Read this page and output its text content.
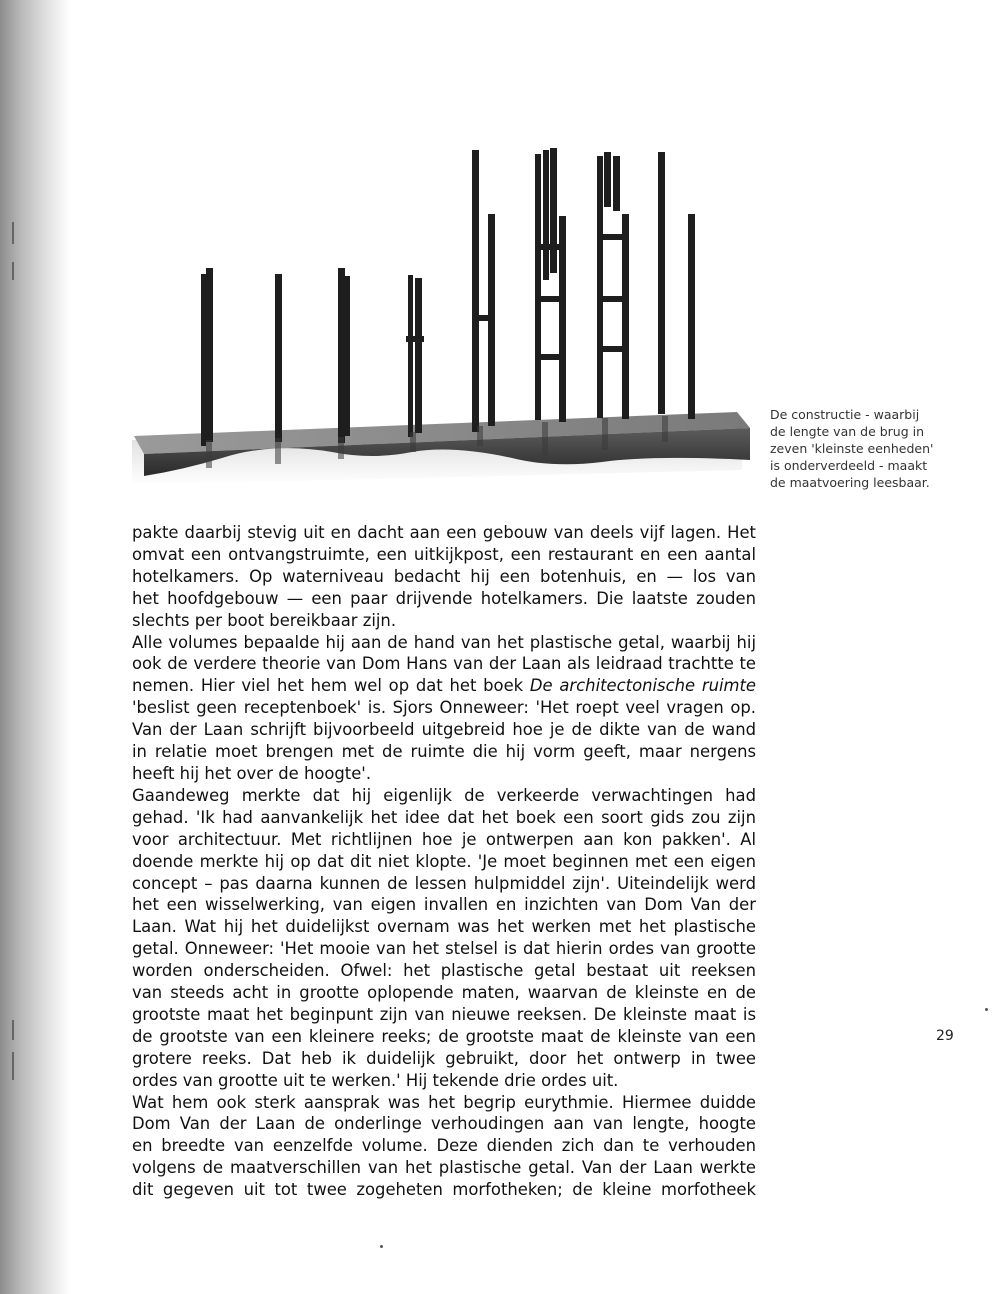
De constructie - waarbij
de lengte van de brug in
zeven 'kleinste eenheden'
is onderverdeeld - maakt
de maatvoering leesbaar.
pakte daarbij stevig uit en dacht aan een gebouw van deels vijf lagen. Het
omvat een ontvangstruimte, een uitkijkpost, een restaurant en een aantal
hotelkamers. Op waterniveau bedacht hij een botenhuis, en — los van
het hoofdgebouw — een paar drijvende hotelkamers. Die laatste zouden
slechts per boot bereikbaar zijn.
Alle volumes bepaalde hij aan de hand van het plastische getal, waarbij hij
ook de verdere theorie van Dom Hans van der Laan als leidraad trachtte te
nemen. Hier viel het hem wel op dat het boek De architectonische ruimte
'beslist geen receptenboek' is. Sjors Onneweer: 'Het roept veel vragen op.
Van der Laan schrijft bijvoorbeeld uitgebreid hoe je de dikte van de wand
in relatie moet brengen met de ruimte die hij vorm geeft, maar nergens
heeft hij het over de hoogte'.
Gaandeweg merkte dat hij eigenlijk de verkeerde verwachtingen had
gehad. 'Ik had aanvankelijk het idee dat het boek een soort gids zou zijn
voor architectuur. Met richtlijnen hoe je ontwerpen aan kon pakken'. Al
doende merkte hij op dat dit niet klopte. 'Je moet beginnen met een eigen
concept – pas daarna kunnen de lessen hulpmiddel zijn'. Uiteindelijk werd
het een wisselwerking, van eigen invallen en inzichten van Dom Van der
Laan. Wat hij het duidelijkst overnam was het werken met het plastische
getal. Onneweer: 'Het mooie van het stelsel is dat hierin ordes van grootte
worden onderscheiden. Ofwel: het plastische getal bestaat uit reeksen
van steeds acht in grootte oplopende maten, waarvan de kleinste en de
grootste maat het beginpunt zijn van nieuwe reeksen. De kleinste maat is
de grootste van een kleinere reeks; de grootste maat de kleinste van een
grotere reeks. Dat heb ik duidelijk gebruikt, door het ontwerp in twee
ordes van grootte uit te werken.' Hij tekende drie ordes uit.
Wat hem ook sterk aansprak was het begrip eurythmie. Hiermee duidde
Dom Van der Laan de onderlinge verhoudingen aan van lengte, hoogte
en breedte van eenzelfde volume. Deze dienden zich dan te verhouden
volgens de maatverschillen van het plastische getal. Van der Laan werkte
dit gegeven uit tot twee zogeheten morfotheken; de kleine morfotheek
29
